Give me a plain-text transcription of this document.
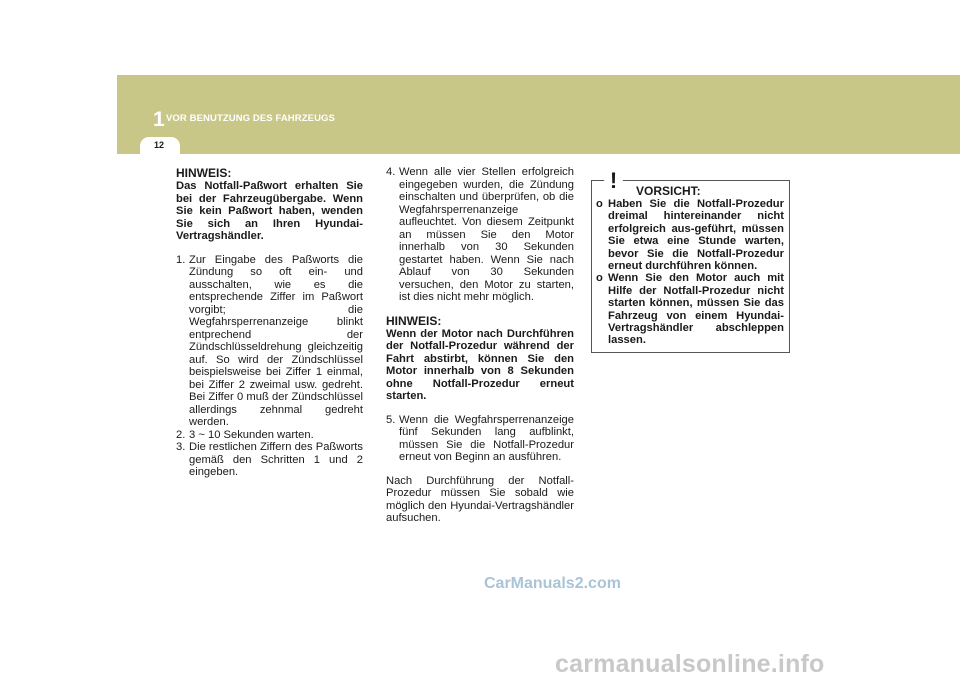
1 VOR BENUTZUNG DES FAHRZEUGS
12

HINWEIS:

Das Notfall-Paßwort erhalten Sie bei der Fahrzeugübergabe. Wenn Sie kein Paßwort haben, wenden Sie sich an Ihren Hyundai-Vertragshändler.

1. Zur Eingabe des Paßworts die Zündung so oft ein- und ausschalten, wie es die entsprechende Ziffer im Paßwort vorgibt; die Wegfahrsperrenanzeige blinkt entprechend der Zündschlüsseldrehung gleichzeitig auf. So wird der Zündschlüssel beispielsweise bei Ziffer 1 einmal, bei Ziffer 2 zweimal usw. gedreht. Bei Ziffer 0 muß der Zündschlüssel allerdings zehnmal gedreht werden.
2. 3 ~ 10 Sekunden warten.
3. Die restlichen Ziffern des Paßworts gemäß den Schritten 1 und 2 eingeben.
4. Wenn alle vier Stellen erfolgreich eingegeben wurden, die Zündung einschalten und überprüfen, ob die Wegfahrsperrenanzeige aufleuchtet. Von diesem Zeitpunkt an müssen Sie den Motor innerhalb von 30 Sekunden gestartet haben. Wenn Sie nach Ablauf von 30 Sekunden versuchen, den Motor zu starten, ist dies nicht mehr möglich.

HINWEIS:

Wenn der Motor nach Durchführen der Notfall-Prozedur während der Fahrt abstirbt, können Sie den Motor innerhalb von 8 Sekunden ohne Notfall-Prozedur erneut starten.

5. Wenn die Wegfahrsperrenanzeige fünf Sekunden lang aufblinkt, müssen Sie die Notfall-Prozedur erneut von Beginn an ausführen.

Nach Durchführung der Notfall-Prozedur müssen Sie sobald wie möglich den Hyundai-Vertragshändler aufsuchen.

! VORSICHT:
o Haben Sie die Notfall-Prozedur dreimal hintereinander nicht erfolgreich aus-geführt, müssen Sie etwa eine Stunde warten, bevor Sie die Notfall-Prozedur erneut durchführen können.
o Wenn Sie den Motor auch mit Hilfe der Notfall-Prozedur nicht starten können, müssen Sie das Fahrzeug von einem Hyundai-Vertragshändler abschleppen lassen.
CarManuals2.com
carmanualsonline.info
